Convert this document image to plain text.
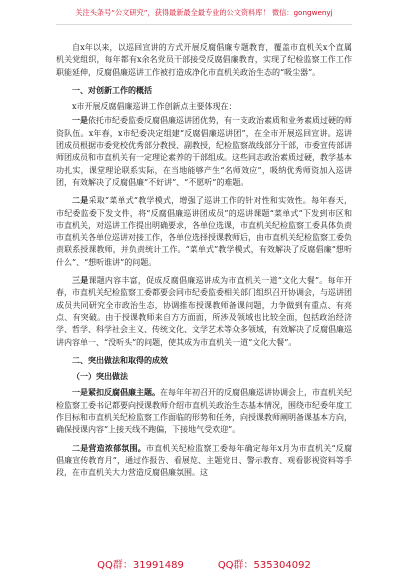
关注头条号“公文研究”，获得最新最全最专业的公文资料库！ 微信：gongwenyj

自x年以来，以巡回宣讲的方式开展反腐倡廉专题教育，覆盖市直机关x个直属机关党组织，每年都有x余名党员干部接受反腐倡廉教育，实现了纪检监察工作工作职能延伸，反腐倡廉巡讲工作被打造成净化市直机关政治生态的“吸尘器”。

一、对创新工作的概括

x市开展反腐倡廉巡讲工作创新点主要体现在：

一是依托市纪委监委反腐倡廉巡讲团优势，有一支政治素质和业务素质过硬的师资队伍。x年春，x市纪委决定组建“反腐倡廉巡讲团”，在全市开展巡回宣讲。巡讲团成员根据市委党校优秀部分教授、副教授，纪检监察战线部分干部，市委宣传部讲师团成员和市直机关有一定理论素养的干部组成。这些同志政治素质过硬，教学基本功扎实，课堂理论联系实际，在当地能够产生“名师效应”，吸纳优秀师资加入巡讲团，有效解决了反腐倡廉“不好讲”、“不愿听”的难题。

二是采取“菜单式”教学模式，增强了巡讲工作的针对性和实效性。每年春天，市纪委监委下发文件，将“反腐倡廉巡讲团成员”的巡讲课题“菜单式”下发到市区和市直机关，对巡讲工作提出明确要求，各单位选课，市直机关纪检监察工委具体负责市直机关各单位巡讲对接工作，各单位选择授课教师后，由市直机关纪检监察工委负责联系授课教师，并负责统计工作。“菜单式”教学模式，有效解决了反腐倡廉“想听什么”、“想听谁讲”的问题。

三是课题内容丰富，促成反腐倡廉巡讲成为市直机关一道“文化大餐”。每年开春，市直机关纪检监察工委都要会同市纪委监委相关部门组织召开协调会，与巡讲团成员共同研究全市政治生态，协调推布授课教师备课问题，力争做到有重点、有亮点、有突破。由于授课教师来自方方面面，所涉及领域也比较全面，包括政治经济学、哲学、科学社会主义、传统文化、文学艺术等众多领域，有效解决了反腐倡廉巡讲内容单一、“没听头”的问题，使其成为市直机关一道“文化大餐”。

二、突出做法和取得的成效

（一）突出做法

一是紧扣反腐倡廉主题。在每年年初召开的反腐倡廉巡讲协调会上，市直机关纪检监察工委书记都要向授课教师介绍市直机关政治生态基本情况，围绕市纪委年度工作目标和市直机关纪检监察工作面临的形势和任务，向授课教师阐明备课基本方向，确保授课内容“上接天线不跑偏，下接地气受欢迎”。

二是营造浓郁氛围。市直机关纪检监察工委每年确定每年x月为市直机关“反腐倡廉宣传教育月”，通过作报告、看展览、主题党日、警示教育、观看影视资料等手段，在市直机关大力营造反腐倡廉氛围。这

QQ群：31991489	QQ群：535304092
